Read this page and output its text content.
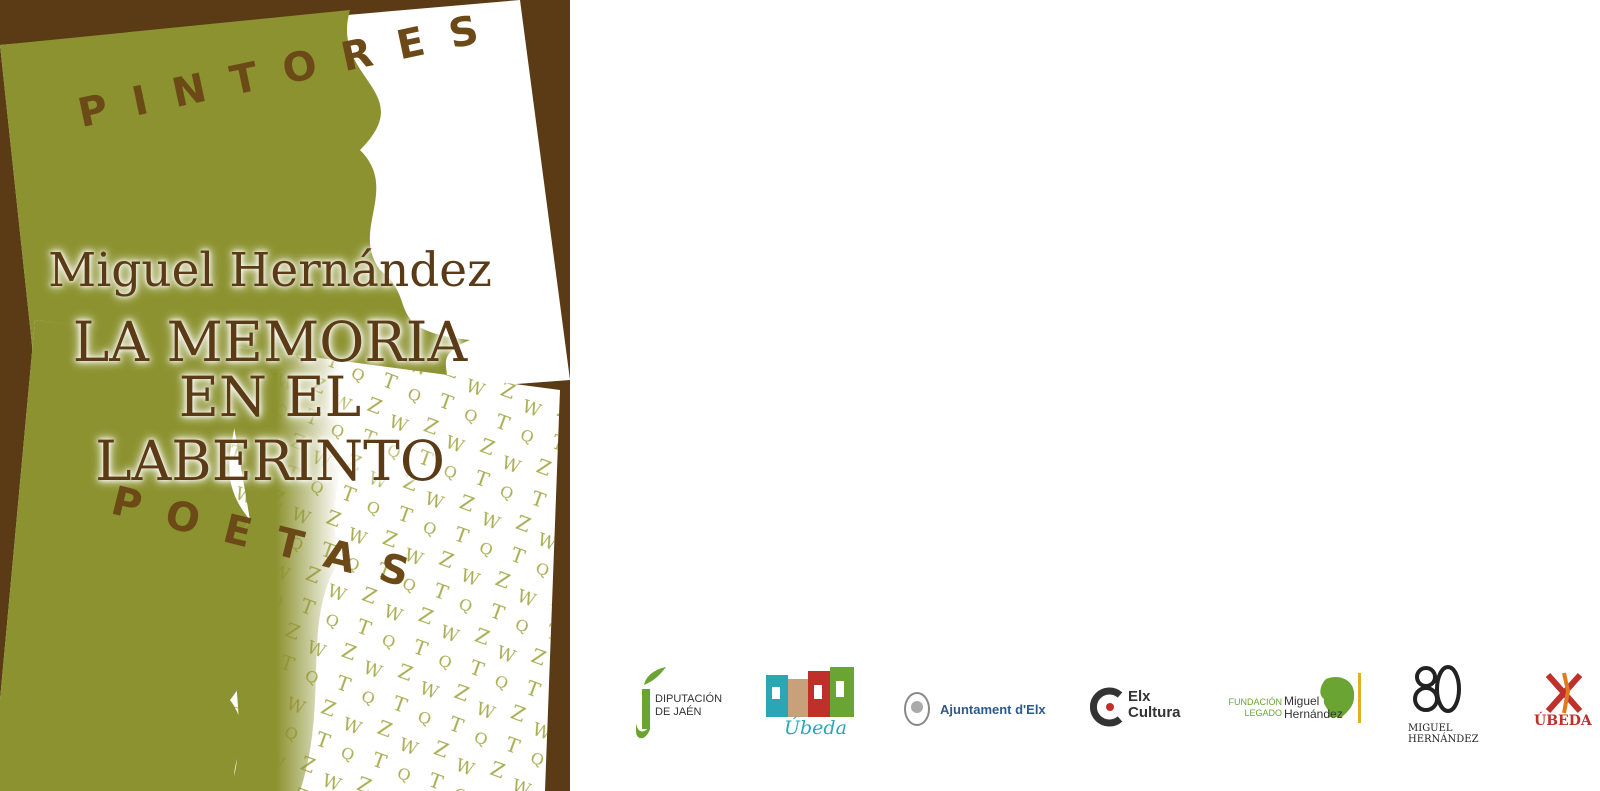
PINTORES
Miguel Hernández
LA MEMORIA
EN EL LABERINTO
POETAS
DIPUTACIÓN
DE JAÉN
Úbeda
Ajuntament d'Elx
Elx
Cultura
FUNDACIÓN
LEGADO
Miguel
Hernández
MIGUEL
HERNÁNDEZ
ÚBEDA
